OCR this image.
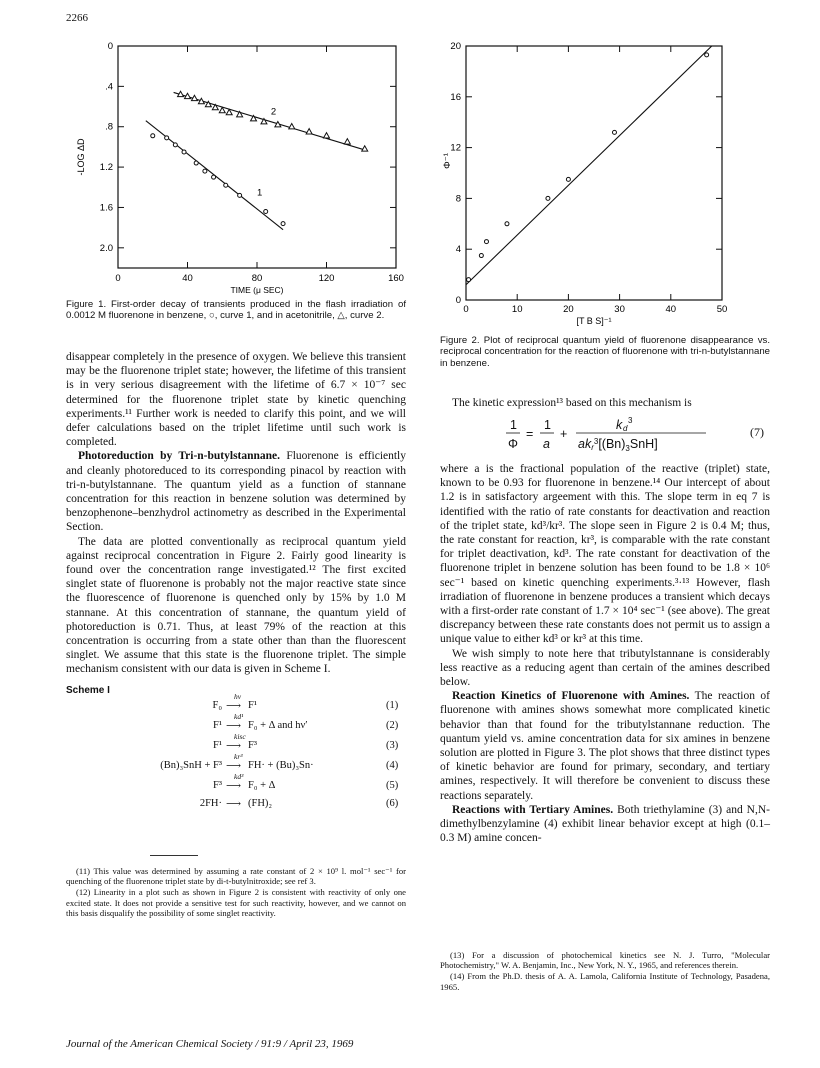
2266
0	40	80	120	160
0
.4
.8
1.2
1.6
2.0
TIME (μ SEC)
-LOG ΔD
1
2
Figure 1. First-order decay of transients produced in the flash irradiation of 0.0012 M fluorenone in benzene, ○, curve 1, and in acetonitrile, △, curve 2.
0	10	20	30	40	50
0
4
8
12
16
20
[T B S]⁻¹
Φ⁻¹
Figure 2. Plot of reciprocal quantum yield of fluorenone disappearance vs. reciprocal concentration for the reaction of fluorenone with tri-n-butylstannane in benzene.

disappear completely in the presence of oxygen. We believe this transient may be the fluorenone triplet state; however, the lifetime of this transient is in very serious disagreement with the lifetime of 6.7 × 10⁻⁷ sec determined for the fluorenone triplet state by kinetic quenching experiments.¹¹ Further work is needed to clarify this point, and we will defer calculations based on the triplet lifetime until such work is completed.

Photoreduction by Tri-n-butylstannane. Fluorenone is efficiently and cleanly photoreduced to its corresponding pinacol by reaction with tri-n-butylstannane. The quantum yield as a function of stannane concentration for this reaction in benzene solution was determined by benzophenone–benzhydrol actinometry as described in the Experimental Section.

The data are plotted conventionally as reciprocal quantum yield against reciprocal concentration in Figure 2. Fairly good linearity is found over the concentration range investigated.¹² The first excited singlet state of fluorenone is probably not the major reactive state since the fluorescence of fluorenone is quenched only by 15% by 1.0 M stannane. At this concentration of stannane, the quantum yield of photoreduction is 0.71. Thus, at least 79% of the reaction at this concentration is occurring from a state other than than the fluorescent singlet. We assume that this state is the fluorenone triplet. The simple mechanism consistent with our data is given in Scheme I.

Scheme I
F₀
hν
⟶ F¹	(1)
F¹
kd¹
⟶ F₀ + Δ and hν′	(2)
F¹
kisc
⟶ F³	(3)
(Bn)₃SnH + F³
kr³
⟶ FH· + (Bu)₃Sn·	(4)
F³
kd³
⟶ F₀ + Δ	(5)
2FH· ⟶ (FH)₂	(6)

(11) This value was determined by assuming a rate constant of 2 × 10⁹ l. mol⁻¹ sec⁻¹ for quenching of the fluorenone triplet state by di-t-butylnitroxide; see ref 3.

(12) Linearity in a plot such as shown in Figure 2 is consistent with reactivity of only one excited state. It does not provide a sensitive test for such reactivity, however, and we cannot on this basis disqualify the possibility of some singlet reactivity.

The kinetic expression¹³ based on this mechanism is

1
Φ
=
1
a
+
k d
3
$akr^3[(Bn)_3SnH]$
(7)

where a is the fractional population of the reactive (triplet) state, known to be 0.93 for fluorenone in benzene.¹⁴ Our intercept of about 1.2 is in satisfactory argeement with this. The slope term in eq 7 is identified with the ratio of rate constants for deactivation and reaction of the triplet state, kd³/kr³. The slope seen in Figure 2 is 0.4 M; thus, the rate constant for reaction, kr³, is comparable with the rate constant for triplet deactivation, kd³. The rate constant for deactivation of the fluorenone triplet in benzene solution has been found to be 1.8 × 10⁶ sec⁻¹ based on kinetic quenching experiments.³·¹³ However, flash irradiation of fluorenone in benzene produces a transient which decays with a first-order rate constant of 1.7 × 10⁴ sec⁻¹ (see above). The great discrepancy between these rate constants does not permit us to assign a unique value to either kd³ or kr³ at this time.

We wish simply to note here that tributylstannane is considerably less reactive as a reducing agent than certain of the amines described below.

Reaction Kinetics of Fluorenone with Amines. The reaction of fluorenone with amines shows somewhat more complicated kinetic behavior than that found for the tributylstannane reduction. The quantum yield vs. amine concentration data for six amines in benzene solution are plotted in Figure 3. The plot shows that three distinct types of kinetic behavior are found for primary, secondary, and tertiary amines, respectively. It will therefore be convenient to discuss these reactions separately.

Reactions with Tertiary Amines. Both triethylamine (3) and N,N-dimethylbenzylamine (4) exhibit linear behavior except at high (0.1–0.3 M) amine concen-

(13) For a discussion of photochemical kinetics see N. J. Turro, "Molecular Photochemistry," W. A. Benjamin, Inc., New York, N. Y., 1965, and references therein.

(14) From the Ph.D. thesis of A. A. Lamola, California Institute of Technology, Pasadena, 1965.

Journal of the American Chemical Society / 91:9 / April 23, 1969
